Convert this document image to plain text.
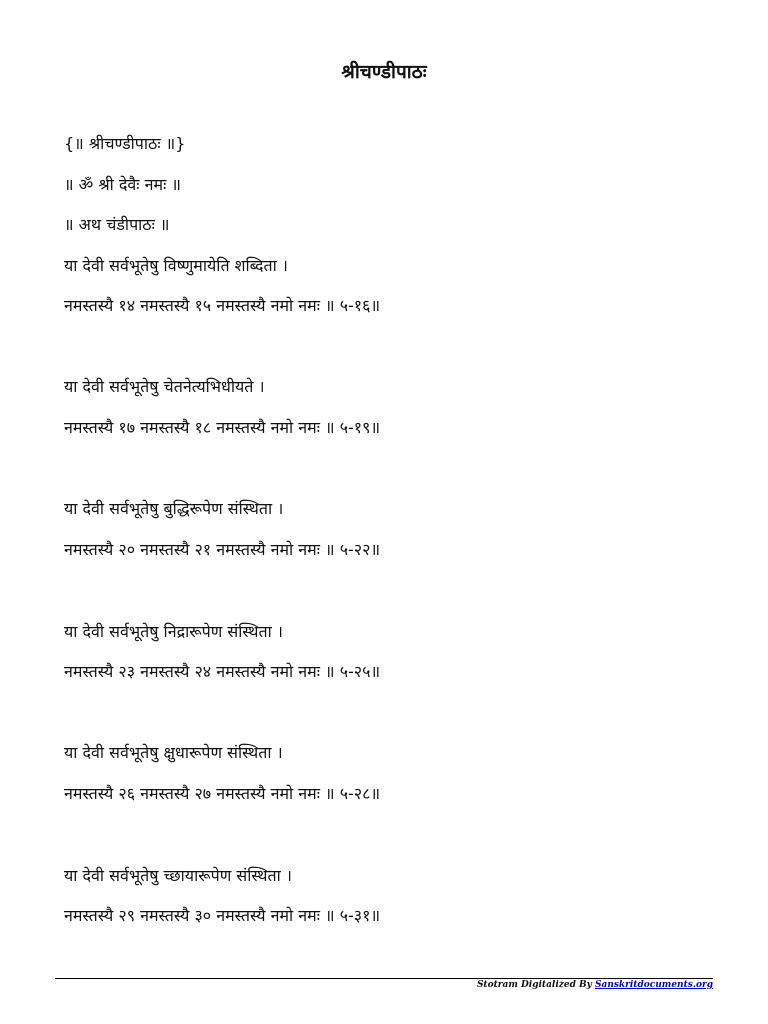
श्रीचण्डीपाठः
{॥ श्रीचण्डीपाठः ॥}
॥ ॐ श्री देवैः नमः ॥
॥ अथ चंडीपाठः ॥
या देवी सर्वभूतेषु विष्णुमायेति शब्दिता ।
नमस्तस्यै १४ नमस्तस्यै १५ नमस्तस्यै नमो नमः ॥ ५-१६॥
या देवी सर्वभूतेषु चेतनेत्यभिधीयते ।
नमस्तस्यै १७ नमस्तस्यै १८ नमस्तस्यै नमो नमः ॥ ५-१९॥
या देवी सर्वभूतेषु बुद्धिरूपेण संस्थिता ।
नमस्तस्यै २० नमस्तस्यै २१ नमस्तस्यै नमो नमः ॥ ५-२२॥
या देवी सर्वभूतेषु निद्रारूपेण संस्थिता ।
नमस्तस्यै २३ नमस्तस्यै २४ नमस्तस्यै नमो नमः ॥ ५-२५॥
या देवी सर्वभूतेषु क्षुधारूपेण संस्थिता ।
नमस्तस्यै २६ नमस्तस्यै २७ नमस्तस्यै नमो नमः ॥ ५-२८॥
या देवी सर्वभूतेषु च्छायारूपेण संस्थिता ।
नमस्तस्यै २९ नमस्तस्यै ३० नमस्तस्यै नमो नमः ॥ ५-३१॥
Stotram Digitalized By Sanskritdocuments.org
